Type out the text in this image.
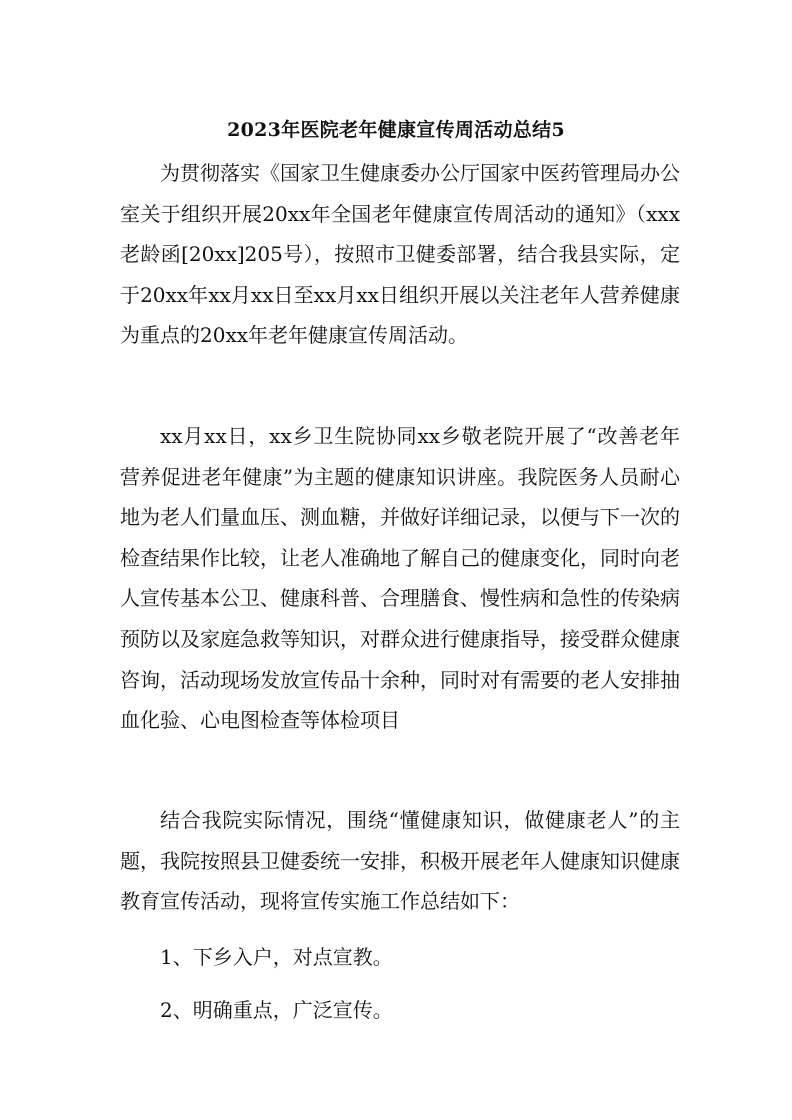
2023年医院老年健康宣传周活动总结5

为贯彻落实《国家卫生健康委办公厅国家中医药管理局办公室关于组织开展20xx年全国老年健康宣传周活动的通知》（xxx老龄函[20xx]205号），按照市卫健委部署，结合我县实际，定于20xx年xx月xx日至xx月xx日组织开展以关注老年人营养健康为重点的20xx年老年健康宣传周活动。

xx月xx日，xx乡卫生院协同xx乡敬老院开展了“改善老年营养促进老年健康”为主题的健康知识讲座。我院医务人员耐心地为老人们量血压、测血糖，并做好详细记录，以便与下一次的检查结果作比较，让老人准确地了解自己的健康变化，同时向老人宣传基本公卫、健康科普、合理膳食、慢性病和急性的传染病预防以及家庭急救等知识，对群众进行健康指导，接受群众健康咨询，活动现场发放宣传品十余种，同时对有需要的老人安排抽血化验、心电图检查等体检项目

结合我院实际情况，围绕“懂健康知识，做健康老人”的主题，我院按照县卫健委统一安排，积极开展老年人健康知识健康教育宣传活动，现将宣传实施工作总结如下：

1、下乡入户，对点宣教。
2、明确重点，广泛宣传。
